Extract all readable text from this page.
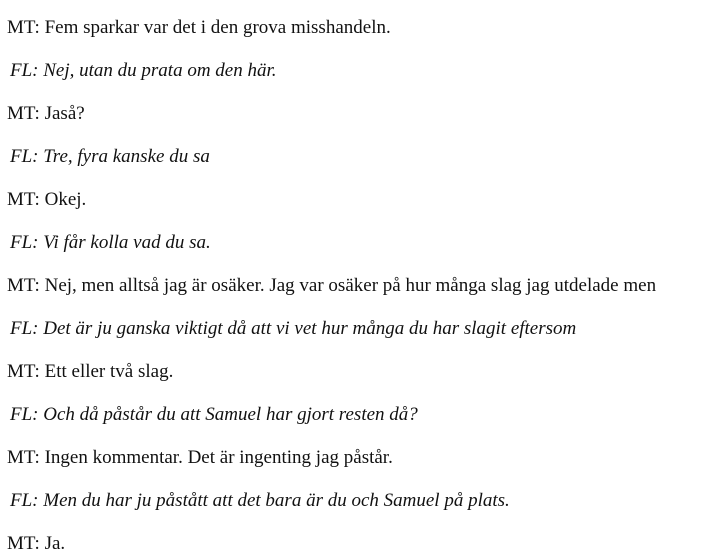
MT: Fem sparkar var det i den grova misshandeln.
FL: Nej, utan du prata om den här.
MT: Jaså?
FL: Tre, fyra kanske du sa
MT: Okej.
FL: Vi får kolla vad du sa.
MT: Nej, men alltså jag är osäker. Jag var osäker på hur många slag jag utdelade men
FL: Det är ju ganska viktigt då att vi vet hur många du har slagit eftersom
MT: Ett eller två slag.
FL: Och då påstår du att Samuel har gjort resten då?
MT: Ingen kommentar. Det är ingenting jag påstår.
FL: Men du har ju påstått att det bara är du och Samuel på plats.
MT: Ja.
